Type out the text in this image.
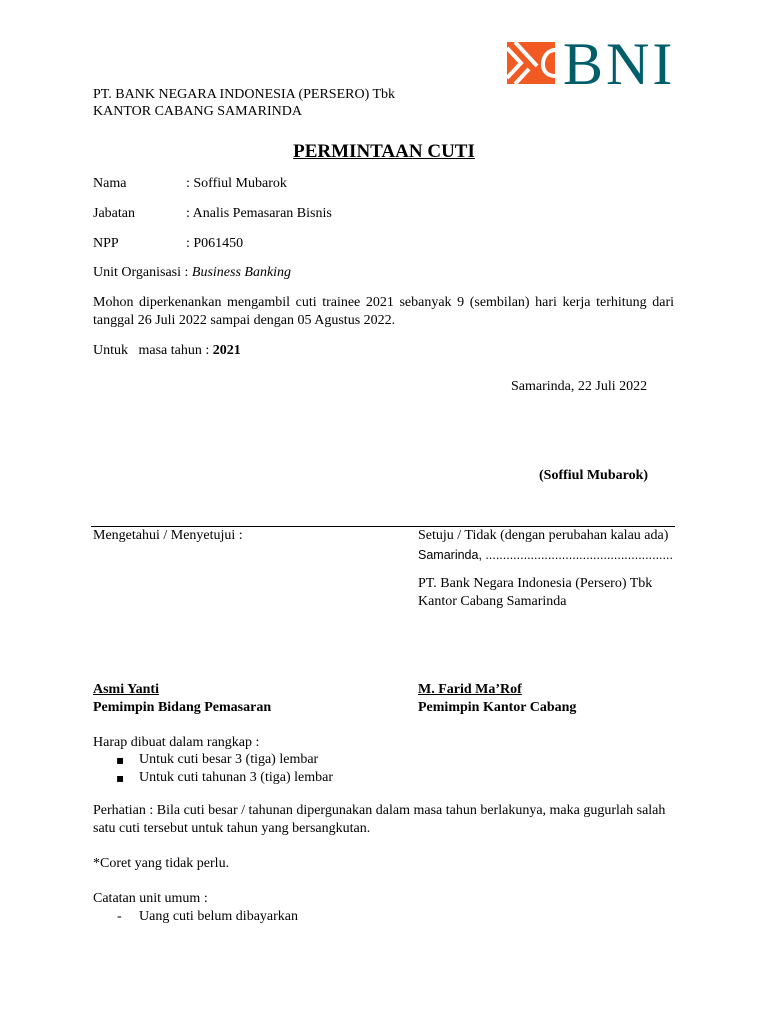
BNI
PT. BANK NEGARA INDONESIA (PERSERO) Tbk
KANTOR CABANG SAMARINDA
PERMINTAAN CUTI
Nama	: Soffiul Mubarok
Jabatan	: Analis Pemasaran Bisnis
NPP	: P061450
Unit Organisasi : Business Banking
Mohon diperkenankan mengambil cuti trainee 2021 sebanyak 9 (sembilan) hari kerja terhitung dari tanggal 26 Juli 2022 sampai dengan 05 Agustus 2022.
Untuk   masa tahun : 2021
Samarinda, 22 Juli 2022
(Soffiul Mubarok)
Mengetahui / Menyetujui :	Setuju / Tidak (dengan perubahan kalau ada)
Samarinda, ......................................................
PT. Bank Negara Indonesia (Persero) Tbk
Kantor Cabang Samarinda
Asmi Yanti
Pemimpin Bidang Pemasaran
M. Farid Ma’Rof
Pemimpin Kantor Cabang
Harap dibuat dalam rangkap :
▪ Untuk cuti besar 3 (tiga) lembar
▪ Untuk cuti tahunan 3 (tiga) lembar
Perhatian : Bila cuti besar / tahunan dipergunakan dalam masa tahun berlakunya, maka gugurlah salah satu cuti tersebut untuk tahun yang bersangkutan.
*Coret yang tidak perlu.
Catatan unit umum :
- Uang cuti belum dibayarkan
